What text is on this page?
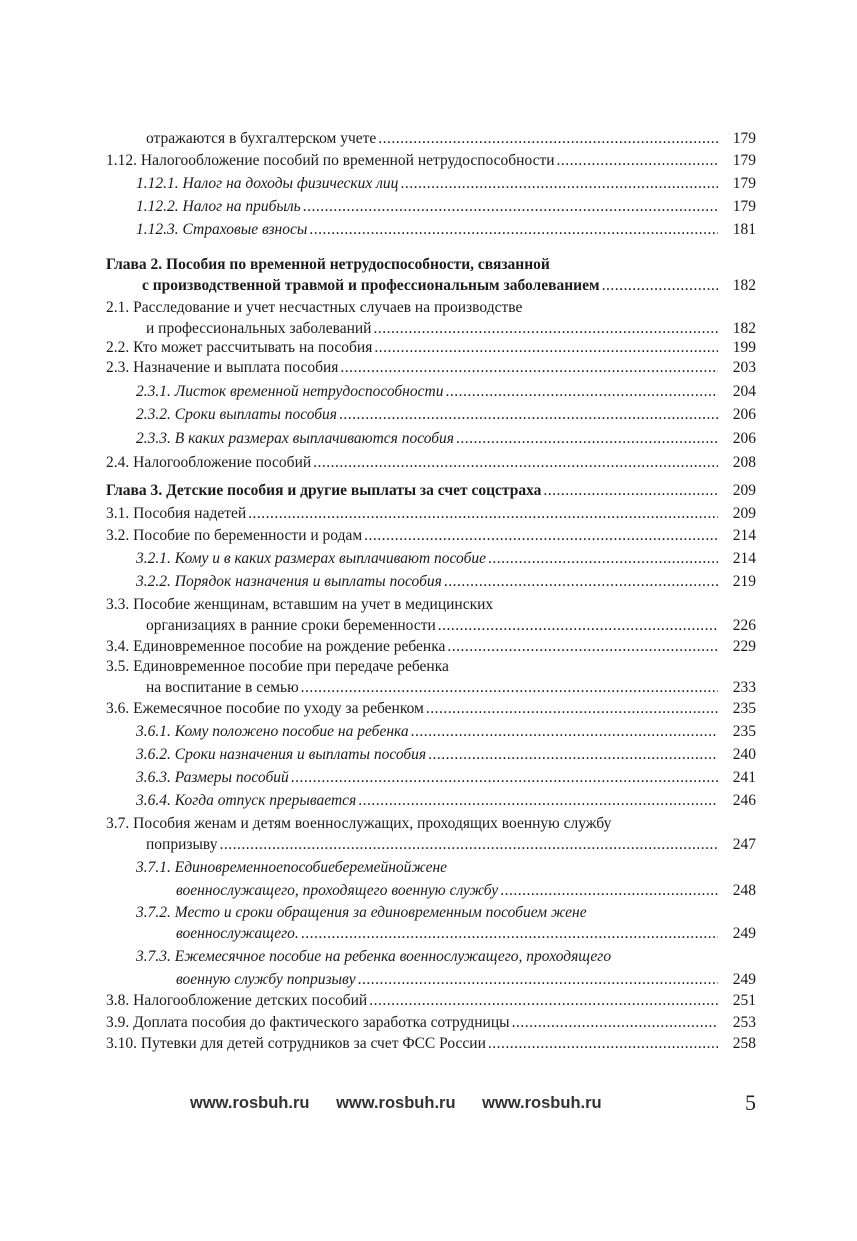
отражаются в бухгалтерском учете .....	179
1.12. Налогообложение пособий по временной нетрудоспособности .....	179
1.12.1. Налог на доходы физических лиц .....	179
1.12.2. Налог на прибыль .....	179
1.12.3. Страховые взносы .....	181
Глава 2. Пособия по временной нетрудоспособности, связанной
с производственной травмой и профессиональным заболеванием .....	182
2.1. Расследование и учет несчастных случаев на производстве
и профессиональных заболеваний .....	182
2.2. Кто может рассчитывать на пособия .....	199
2.3. Назначение и выплата пособия .....	203
2.3.1. Листок временной нетрудоспособности .....	204
2.3.2. Сроки выплаты пособия .....	206
2.3.3. В каких размерах выплачиваются пособия .....	206
2.4. Налогообложение пособий .....	208
Глава 3. Детские пособия и другие выплаты за счет соцстраха .....	209
3.1. Пособия надетей .....	209
3.2. Пособие по беременности и родам .....	214
3.2.1. Кому и в каких размерах выплачивают пособие .....	214
3.2.2. Порядок назначения и выплаты пособия .....	219
3.3. Пособие женщинам, вставшим на учет в медицинских
организациях в ранние сроки беременности .....	226
3.4. Единовременное пособие на рождение ребенка .....	229
3.5. Единовременное пособие при передаче ребенка
на воспитание в семью .....	233
3.6. Ежемесячное пособие по уходу за ребенком .....	235
3.6.1. Кому положено пособие на ребенка .....	235
3.6.2. Сроки назначения и выплаты пособия .....	240
3.6.3. Размеры пособий .....	241
3.6.4. Когда отпуск прерывается .....	246
3.7. Пособия женам и детям военнослужащих, проходящих военную службу
попризыву .....	247
3.7.1. Единовременноепособиеберемейнойжене
военнослужащего, проходящего военную службу .....	248
3.7.2. Место и сроки обращения за единовременным пособием жене
военнослужащего. .....	249
3.7.3. Ежемесячное пособие на ребенка военнослужащего, проходящего
военную службу попризыву .....	249
3.8. Налогообложение детских пособий .....	251
3.9. Доплата пособия до фактического заработка сотрудницы .....	253
3.10. Путевки для детей сотрудников за счет ФСС России .....	258
www.rosbuh.ru www.rosbuh.ru www.rosbuh.ru	5
